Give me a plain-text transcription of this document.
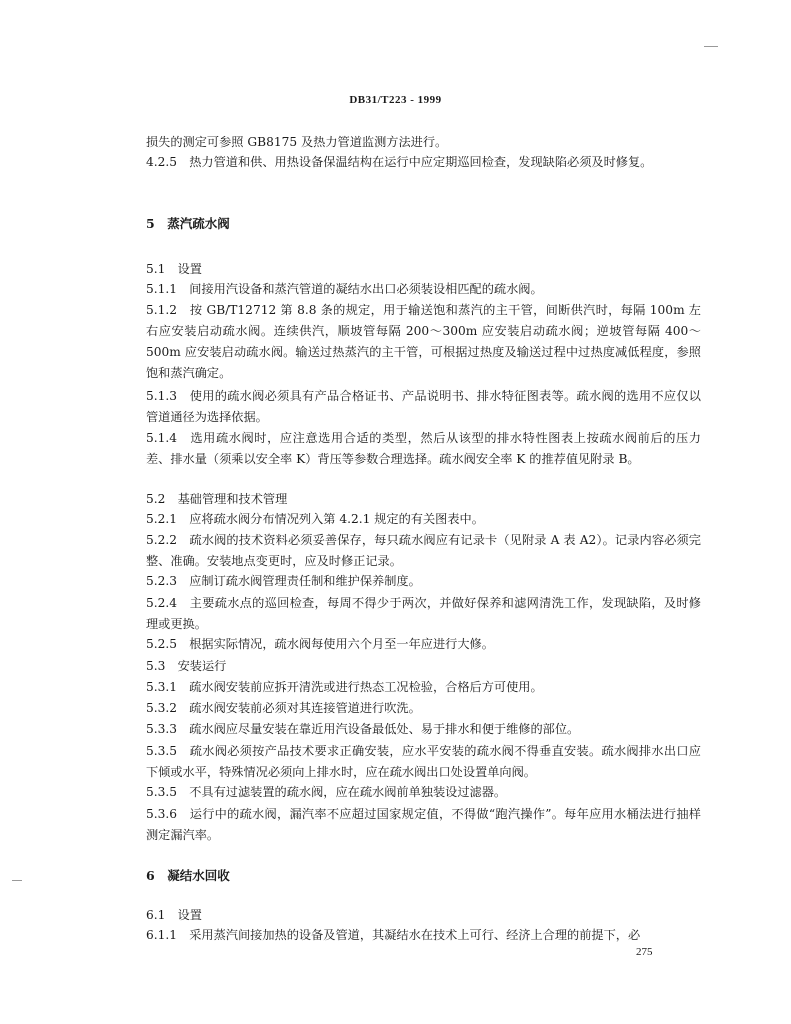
DB31/T223 - 1999
损失的测定可参照 GB8175 及热力管道监测方法进行。
4.2.5　热力管道和供、用热设备保温结构在运行中应定期巡回检查，发现缺陷必须及时修复。
5　蒸汽疏水阀
5.1　设置
5.1.1　间接用汽设备和蒸汽管道的凝结水出口必须装设相匹配的疏水阀。
5.1.2　按 GB/T12712 第 8.8 条的规定，用于输送饱和蒸汽的主干管，间断供汽时，每隔 100m 左右应安装启动疏水阀。连续供汽，顺坡管每隔 200～300m 应安装启动疏水阀；逆坡管每隔 400～500m 应安装启动疏水阀。输送过热蒸汽的主干管，可根据过热度及输送过程中过热度减低程度，参照饱和蒸汽确定。
5.1.3　使用的疏水阀必须具有产品合格证书、产品说明书、排水特征图表等。疏水阀的选用不应仅以管道通径为选择依据。
5.1.4　选用疏水阀时，应注意选用合适的类型，然后从该型的排水特性图表上按疏水阀前后的压力差、排水量（须乘以安全率 K）背压等参数合理选择。疏水阀安全率 K 的推荐值见附录 B。
5.2　基础管理和技术管理
5.2.1　应将疏水阀分布情况列入第 4.2.1 规定的有关图表中。
5.2.2　疏水阀的技术资料必须妥善保存，每只疏水阀应有记录卡（见附录 A 表 A2）。记录内容必须完整、准确。安装地点变更时，应及时修正记录。
5.2.3　应制订疏水阀管理责任制和维护保养制度。
5.2.4　主要疏水点的巡回检查，每周不得少于两次，并做好保养和滤网清洗工作，发现缺陷，及时修理或更换。
5.2.5　根据实际情况，疏水阀每使用六个月至一年应进行大修。
5.3　安装运行
5.3.1　疏水阀安装前应拆开清洗或进行热态工况检验，合格后方可使用。
5.3.2　疏水阀安装前必须对其连接管道进行吹洗。
5.3.3　疏水阀应尽量安装在靠近用汽设备最低处、易于排水和便于维修的部位。
5.3.5　疏水阀必须按产品技术要求正确安装，应水平安装的疏水阀不得垂直安装。疏水阀排水出口应下倾或水平，特殊情况必须向上排水时，应在疏水阀出口处设置单向阀。
5.3.5　不具有过滤装置的疏水阀，应在疏水阀前单独装设过滤器。
5.3.6　运行中的疏水阀，漏汽率不应超过国家规定值，不得做“跑汽操作”。每年应用水桶法进行抽样测定漏汽率。
6　凝结水回收
6.1　设置
6.1.1　采用蒸汽间接加热的设备及管道，其凝结水在技术上可行、经济上合理的前提下，必
275
